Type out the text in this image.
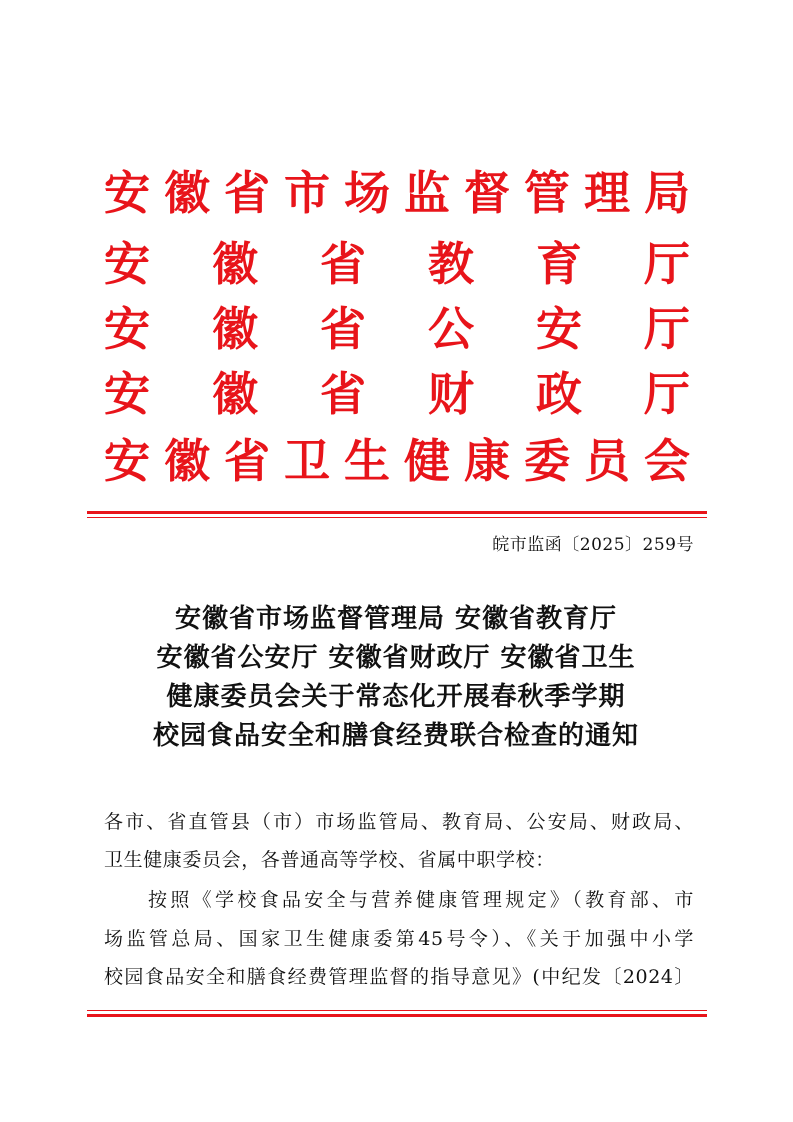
安 徽 省 市 场 监 督 管 理 局
安 徽 省 教 育 厅
安 徽 省 公 安 厅
安 徽 省 财 政 厅
安 徽 省 卫 生 健 康 委 员 会
皖市监函〔2025〕259号
安徽省市场监督管理局 安徽省教育厅
安徽省公安厅 安徽省财政厅 安徽省卫生
健康委员会关于常态化开展春秋季学期
校园食品安全和膳食经费联合检查的通知
各市、省直管县（市）市场监管局、教育局、公安局、财政局、
卫生健康委员会，各普通高等学校、省属中职学校：
按照《学校食品安全与营养健康管理规定》（教育部、市
场监管总局、国家卫生健康委第45号令）、《关于加强中小学
校园食品安全和膳食经费管理监督的指导意见》(中纪发〔2024〕
